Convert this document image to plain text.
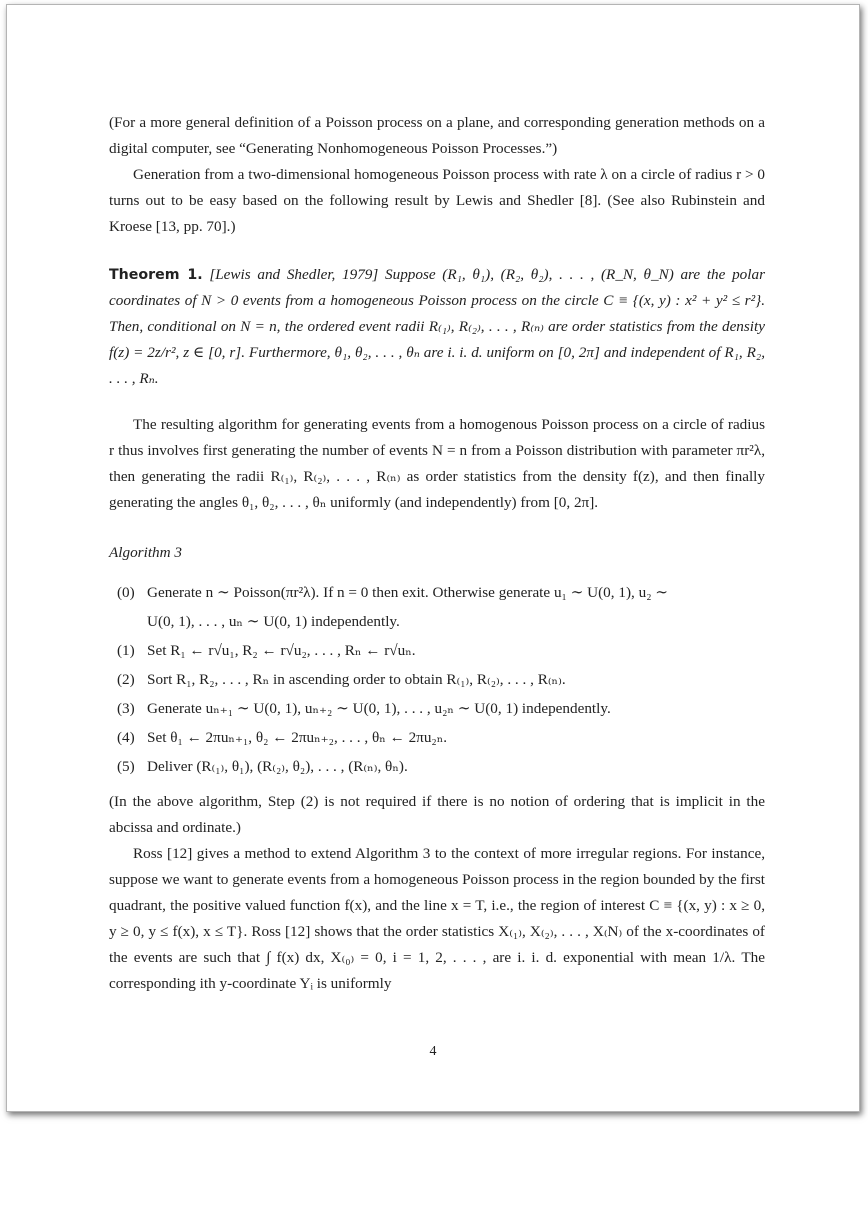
(For a more general definition of a Poisson process on a plane, and corresponding generation methods on a digital computer, see “Generating Nonhomogeneous Poisson Processes.”)

Generation from a two-dimensional homogeneous Poisson process with rate λ on a circle of radius r > 0 turns out to be easy based on the following result by Lewis and Shedler [8]. (See also Rubinstein and Kroese [13, pp. 70].)

Theorem 1. [Lewis and Shedler, 1979] Suppose (R₁, θ₁), (R₂, θ₂), . . . , (R_N, θ_N) are the polar coordinates of N > 0 events from a homogeneous Poisson process on the circle C ≡ {(x, y) : x² + y² ≤ r²}. Then, conditional on N = n, the ordered event radii R₍₁₎, R₍₂₎, . . . , R₍ₙ₎ are order statistics from the density f(z) = 2z/r², z ∈ [0, r]. Furthermore, θ₁, θ₂, . . . , θₙ are i. i. d. uniform on [0, 2π] and independent of R₁, R₂, . . . , Rₙ.

The resulting algorithm for generating events from a homogenous Poisson process on a circle of radius r thus involves first generating the number of events N = n from a Poisson distribution with parameter πr²λ, then generating the radii R₍₁₎, R₍₂₎, . . . , R₍ₙ₎ as order statistics from the density f(z), and then finally generating the angles θ₁, θ₂, . . . , θₙ uniformly (and independently) from [0, 2π].

Algorithm 3

(0) Generate n ∼ Poisson(πr²λ). If n = 0 then exit. Otherwise generate u₁ ∼ U(0, 1), u₂ ∼
U(0, 1), . . . , uₙ ∼ U(0, 1) independently.
(1) Set R₁ ← r√u₁, R₂ ← r√u₂, . . . , Rₙ ← r√uₙ.
(2) Sort R₁, R₂, . . . , Rₙ in ascending order to obtain R₍₁₎, R₍₂₎, . . . , R₍ₙ₎.
(3) Generate uₙ₊₁ ∼ U(0, 1), uₙ₊₂ ∼ U(0, 1), . . . , u₂ₙ ∼ U(0, 1) independently.
(4) Set θ₁ ← 2πuₙ₊₁, θ₂ ← 2πuₙ₊₂, . . . , θₙ ← 2πu₂ₙ.
(5) Deliver (R₍₁₎, θ₁), (R₍₂₎, θ₂), . . . , (R₍ₙ₎, θₙ).

(In the above algorithm, Step (2) is not required if there is no notion of ordering that is implicit in the abcissa and ordinate.)

Ross [12] gives a method to extend Algorithm 3 to the context of more irregular regions. For instance, suppose we want to generate events from a homogeneous Poisson process in the region bounded by the first quadrant, the positive valued function f(x), and the line x = T, i.e., the region of interest C ≡ {(x, y) : x ≥ 0, y ≥ 0, y ≤ f(x), x ≤ T}. Ross [12] shows that the order statistics X₍₁₎, X₍₂₎, . . . , X₍N₎ of the x-coordinates of the events are such that ∫ f(x) dx, X₍₀₎ = 0, i = 1, 2, . . . , are i. i. d. exponential with mean 1/λ. The corresponding ith y-coordinate Yᵢ is uniformly

4
